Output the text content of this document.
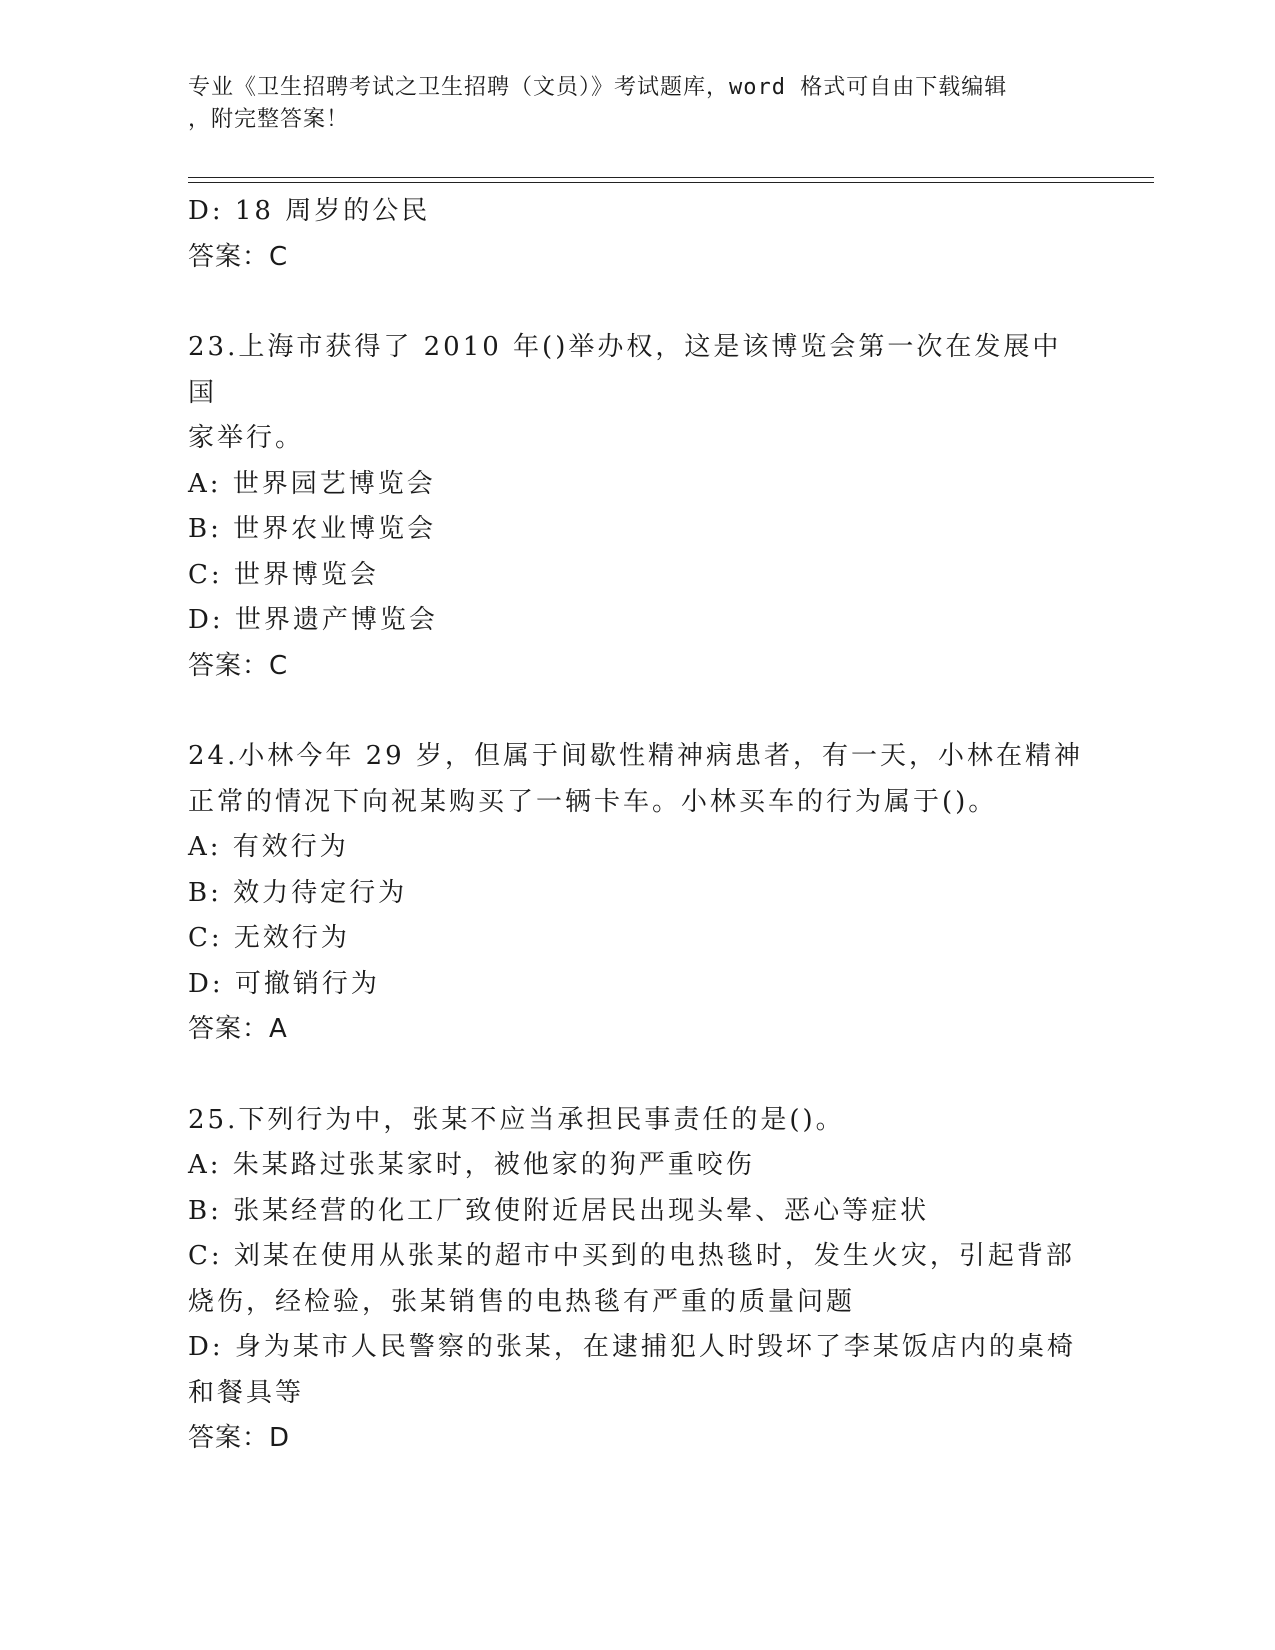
专业《卫生招聘考试之卫生招聘（文员）》考试题库，word 格式可自由下载编辑
，附完整答案！
D: 18 周岁的公民
答案：C
23.上海市获得了 2010 年()举办权，这是该博览会第一次在发展中国
家举行。
A: 世界园艺博览会
B: 世界农业博览会
C: 世界博览会
D: 世界遗产博览会
答案：C
24.小林今年 29 岁，但属于间歇性精神病患者，有一天，小林在精神
正常的情况下向祝某购买了一辆卡车。小林买车的行为属于()。
A: 有效行为
B: 效力待定行为
C: 无效行为
D: 可撤销行为
答案：A
25.下列行为中，张某不应当承担民事责任的是()。
A: 朱某路过张某家时，被他家的狗严重咬伤
B: 张某经营的化工厂致使附近居民出现头晕、恶心等症状
C: 刘某在使用从张某的超市中买到的电热毯时，发生火灾，引起背部
烧伤，经检验，张某销售的电热毯有严重的质量问题
D: 身为某市人民警察的张某，在逮捕犯人时毁坏了李某饭店内的桌椅
和餐具等
答案：D
